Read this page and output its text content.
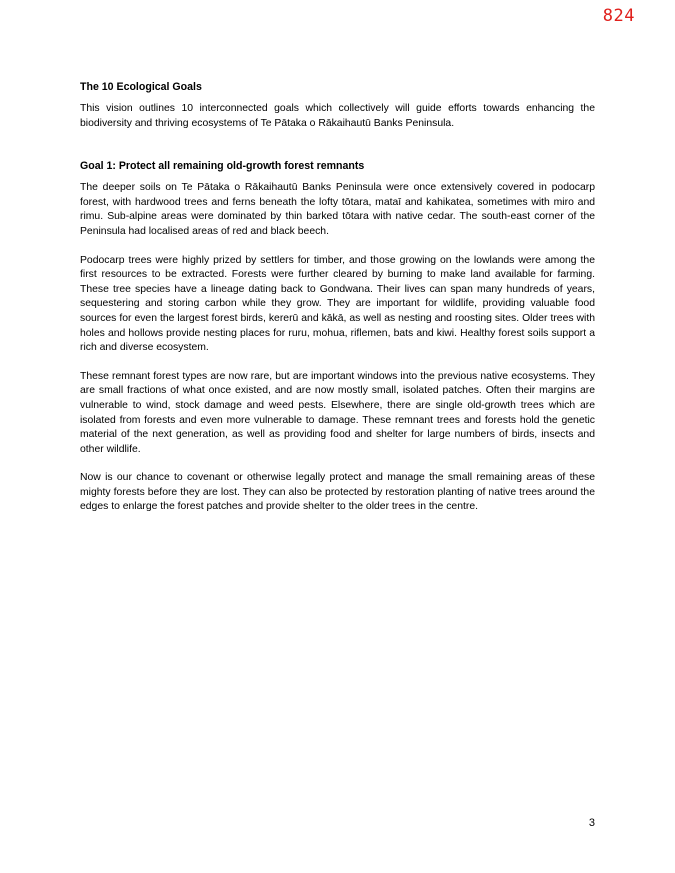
824
The 10 Ecological Goals

This vision outlines 10 interconnected goals which collectively will guide efforts towards enhancing the biodiversity and thriving ecosystems of Te Pātaka o Rākaihautū Banks Peninsula.

Goal 1: Protect all remaining old-growth forest remnants

The deeper soils on Te Pātaka o Rākaihautū Banks Peninsula were once extensively covered in podocarp forest, with hardwood trees and ferns beneath the lofty tōtara, mataī and kahikatea, sometimes with miro and rimu. Sub-alpine areas were dominated by thin barked tōtara with native cedar. The south-east corner of the Peninsula had localised areas of red and black beech.

Podocarp trees were highly prized by settlers for timber, and those growing on the lowlands were among the first resources to be extracted. Forests were further cleared by burning to make land available for farming. These tree species have a lineage dating back to Gondwana. Their lives can span many hundreds of years, sequestering and storing carbon while they grow. They are important for wildlife, providing valuable food sources for even the largest forest birds, kererū and kākā, as well as nesting and roosting sites. Older trees with holes and hollows provide nesting places for ruru, mohua, riflemen, bats and kiwi. Healthy forest soils support a rich and diverse ecosystem.

These remnant forest types are now rare, but are important windows into the previous native ecosystems. They are small fractions of what once existed, and are now mostly small, isolated patches. Often their margins are vulnerable to wind, stock damage and weed pests. Elsewhere, there are single old-growth trees which are isolated from forests and even more vulnerable to damage. These remnant trees and forests hold the genetic material of the next generation, as well as providing food and shelter for large numbers of birds, insects and other wildlife.

Now is our chance to covenant or otherwise legally protect and manage the small remaining areas of these mighty forests before they are lost. They can also be protected by restoration planting of native trees around the edges to enlarge the forest patches and provide shelter to the older trees in the centre.

3
